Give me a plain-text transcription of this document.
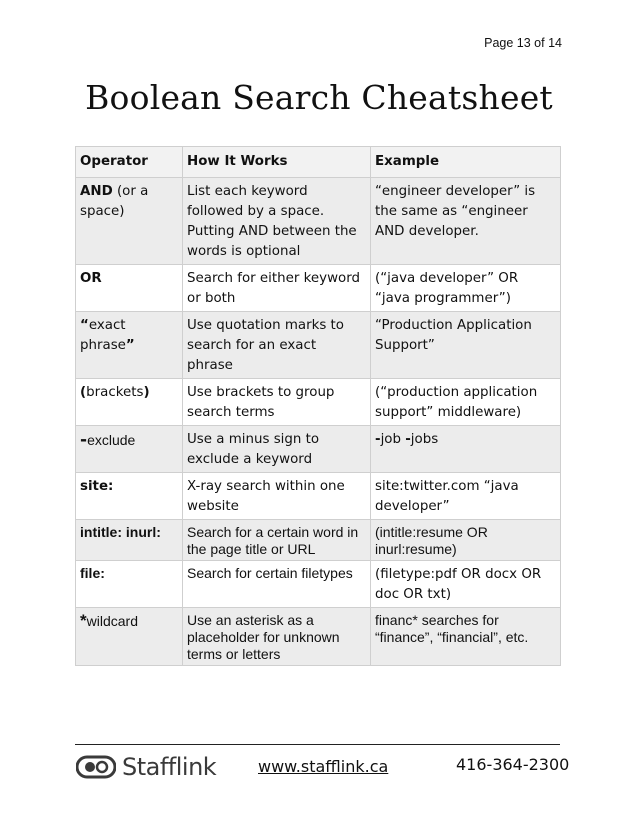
Page 13 of 14
Boolean Search Cheatsheet
Operator	How It Works	Example
AND (or a space)	List each keyword followed by a space. Putting AND between the words is optional	“engineer developer” is the same as “engineer AND developer.
OR	Search for either keyword or both	(“java developer” OR “java programmer”)
“exact phrase”	Use quotation marks to search for an exact phrase	“Production Application Support”
(brackets)	Use brackets to group search terms	(“production application support” middleware)
-exclude	Use a minus sign to exclude a keyword	-job -jobs
site:	X-ray search within one website	site:twitter.com “java developer”
intitle: inurl:	Search for a certain word in the page title or URL	(intitle:resume OR inurl:resume)
file:	Search for certain filetypes	(filetype:pdf OR docx OR doc OR txt)
*wildcard	Use an asterisk as a placeholder for unknown terms or letters	financ* searches for “finance”, “financial”, etc.
Stafflink	www.stafflink.ca	416-364-2300
